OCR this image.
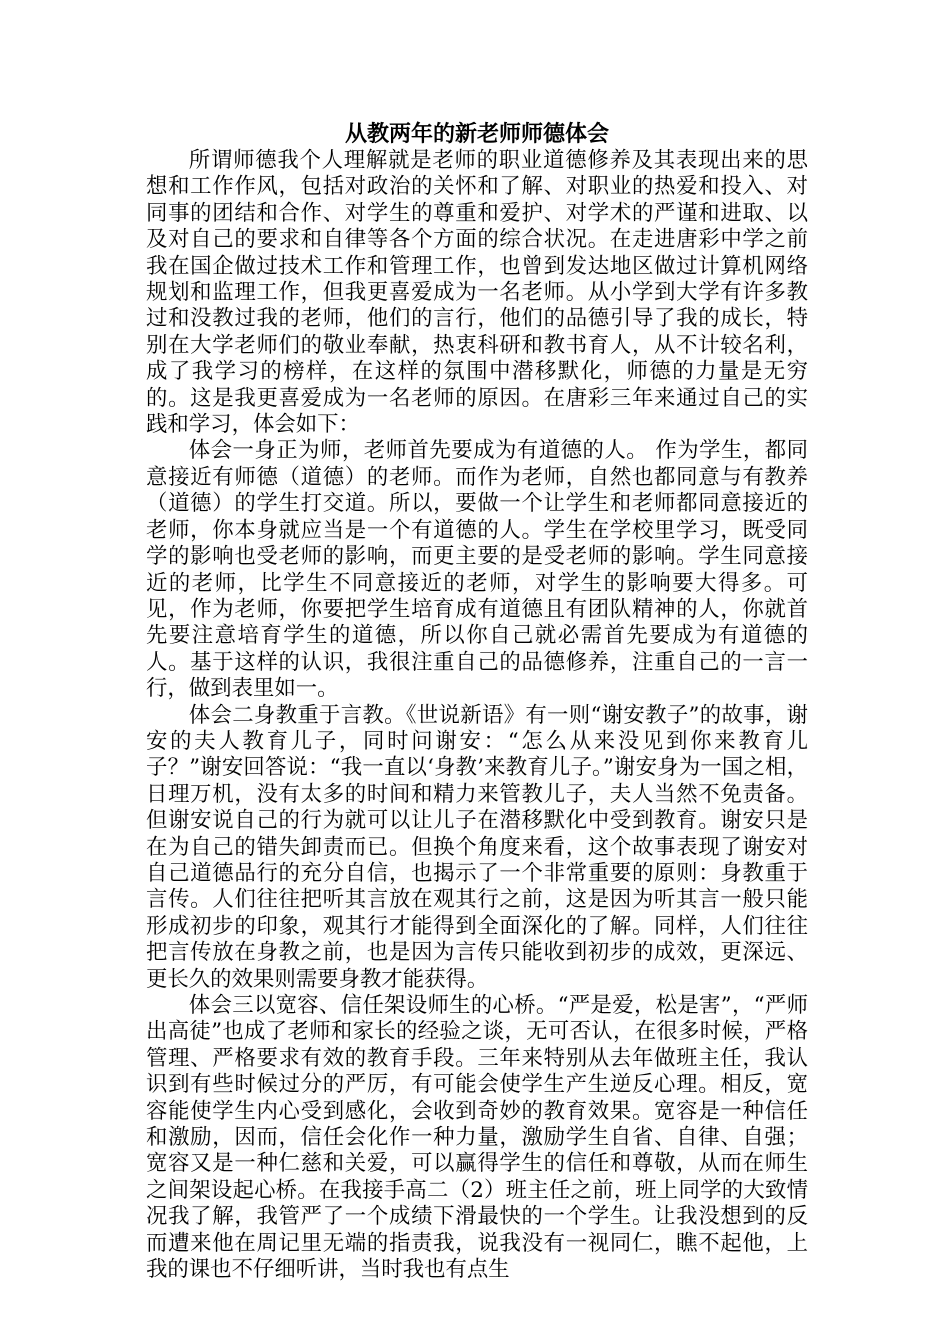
从教两年的新老师师德体会

所谓师德我个人理解就是老师的职业道德修养及其表现出来的思想和工作作风，包括对政治的关怀和了解、对职业的热爱和投入、对同事的团结和合作、对学生的尊重和爱护、对学术的严谨和进取、以及对自己的要求和自律等各个方面的综合状况。在走进唐彩中学之前我在国企做过技术工作和管理工作，也曾到发达地区做过计算机网络规划和监理工作，但我更喜爱成为一名老师。从小学到大学有许多教过和没教过我的老师，他们的言行，他们的品德引导了我的成长，特别在大学老师们的敬业奉献，热衷科研和教书育人，从不计较名利，成了我学习的榜样，在这样的氛围中潜移默化，师德的力量是无穷的。这是我更喜爱成为一名老师的原因。在唐彩三年来通过自己的实践和学习，体会如下：

体会一身正为师，老师首先要成为有道德的人。 作为学生，都同意接近有师德（道德）的老师。而作为老师，自然也都同意与有教养（道德）的学生打交道。所以，要做一个让学生和老师都同意接近的老师，你本身就应当是一个有道德的人。学生在学校里学习，既受同学的影响也受老师的影响，而更主要的是受老师的影响。学生同意接近的老师，比学生不同意接近的老师，对学生的影响要大得多。可见，作为老师，你要把学生培育成有道德且有团队精神的人，你就首先要注意培育学生的道德，所以你自己就必需首先要成为有道德的人。基于这样的认识，我很注重自己的品德修养，注重自己的一言一行，做到表里如一。

体会二身教重于言教。《世说新语》有一则“谢安教子”的故事，谢安的夫人教育儿子，同时问谢安：“怎么从来没见到你来教育儿子？”谢安回答说：“我一直以‘身教’来教育儿子。”谢安身为一国之相，日理万机，没有太多的时间和精力来管教儿子，夫人当然不免责备。但谢安说自己的行为就可以让儿子在潜移默化中受到教育。谢安只是在为自己的错失卸责而已。但换个角度来看，这个故事表现了谢安对自己道德品行的充分自信，也揭示了一个非常重要的原则：身教重于言传。人们往往把听其言放在观其行之前，这是因为听其言一般只能形成初步的印象，观其行才能得到全面深化的了解。同样，人们往往把言传放在身教之前，也是因为言传只能收到初步的成效，更深远、更长久的效果则需要身教才能获得。

体会三以宽容、信任架设师生的心桥。“严是爱，松是害”，“严师出高徒”也成了老师和家长的经验之谈，无可否认，在很多时候，严格管理、严格要求有效的教育手段。三年来特别从去年做班主任，我认识到有些时候过分的严厉，有可能会使学生产生逆反心理。相反，宽容能使学生内心受到感化，会收到奇妙的教育效果。宽容是一种信任和激励，因而，信任会化作一种力量，激励学生自省、自律、自强；宽容又是一种仁慈和关爱，可以赢得学生的信任和尊敬，从而在师生之间架设起心桥。在我接手高二（2）班主任之前，班上同学的大致情况我了解，我管严了一个成绩下滑最快的一个学生。让我没想到的反而遭来他在周记里无端的指责我，说我没有一视同仁，瞧不起他，上我的课也不仔细听讲，当时我也有点生
